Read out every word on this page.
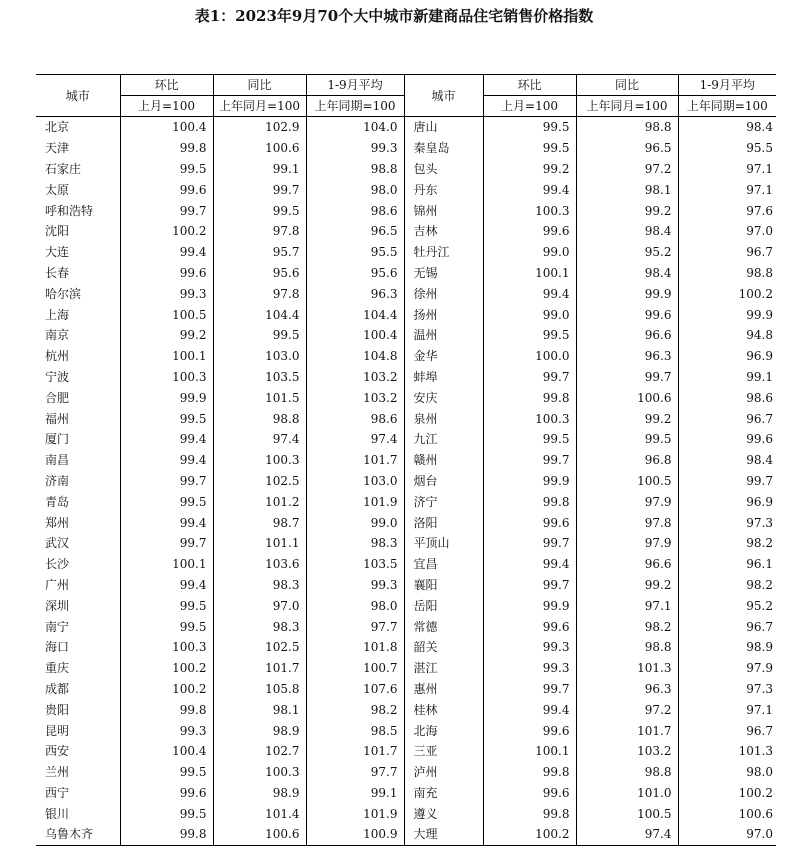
表1：2023年9月70个大中城市新建商品住宅销售价格指数
城市	环比	同比	1-9月平均	城市	环比	同比	1-9月平均
	上月=100	上年同月=100	上年同期=100		上月=100	上年同月=100	上年同期=100
北京	100.4	102.9	104.0	唐山	99.5	98.8	98.4
天津	99.8	100.6	99.3	秦皇岛	99.5	96.5	95.5
石家庄	99.5	99.1	98.8	包头	99.2	97.2	97.1
太原	99.6	99.7	98.0	丹东	99.4	98.1	97.1
呼和浩特	99.7	99.5	98.6	锦州	100.3	99.2	97.6
沈阳	100.2	97.8	96.5	吉林	99.6	98.4	97.0
大连	99.4	95.7	95.5	牡丹江	99.0	95.2	96.7
长春	99.6	95.6	95.6	无锡	100.1	98.4	98.8
哈尔滨	99.3	97.8	96.3	徐州	99.4	99.9	100.2
上海	100.5	104.4	104.4	扬州	99.0	99.6	99.9
南京	99.2	99.5	100.4	温州	99.5	96.6	94.8
杭州	100.1	103.0	104.8	金华	100.0	96.3	96.9
宁波	100.3	103.5	103.2	蚌埠	99.7	99.7	99.1
合肥	99.9	101.5	103.2	安庆	99.8	100.6	98.6
福州	99.5	98.8	98.6	泉州	100.3	99.2	96.7
厦门	99.4	97.4	97.4	九江	99.5	99.5	99.6
南昌	99.4	100.3	101.7	赣州	99.7	96.8	98.4
济南	99.7	102.5	103.0	烟台	99.9	100.5	99.7
青岛	99.5	101.2	101.9	济宁	99.8	97.9	96.9
郑州	99.4	98.7	99.0	洛阳	99.6	97.8	97.3
武汉	99.7	101.1	98.3	平顶山	99.7	97.9	98.2
长沙	100.1	103.6	103.5	宜昌	99.4	96.6	96.1
广州	99.4	98.3	99.3	襄阳	99.7	99.2	98.2
深圳	99.5	97.0	98.0	岳阳	99.9	97.1	95.2
南宁	99.5	98.3	97.7	常德	99.6	98.2	96.7
海口	100.3	102.5	101.8	韶关	99.3	98.8	98.9
重庆	100.2	101.7	100.7	湛江	99.3	101.3	97.9
成都	100.2	105.8	107.6	惠州	99.7	96.3	97.3
贵阳	99.8	98.1	98.2	桂林	99.4	97.2	97.1
昆明	99.3	98.9	98.5	北海	99.6	101.7	96.7
西安	100.4	102.7	101.7	三亚	100.1	103.2	101.3
兰州	99.5	100.3	97.7	泸州	99.8	98.8	98.0
西宁	99.6	98.9	99.1	南充	99.6	101.0	100.2
银川	99.5	101.4	101.9	遵义	99.8	100.5	100.6
乌鲁木齐	99.8	100.6	100.9	大理	100.2	97.4	97.0
